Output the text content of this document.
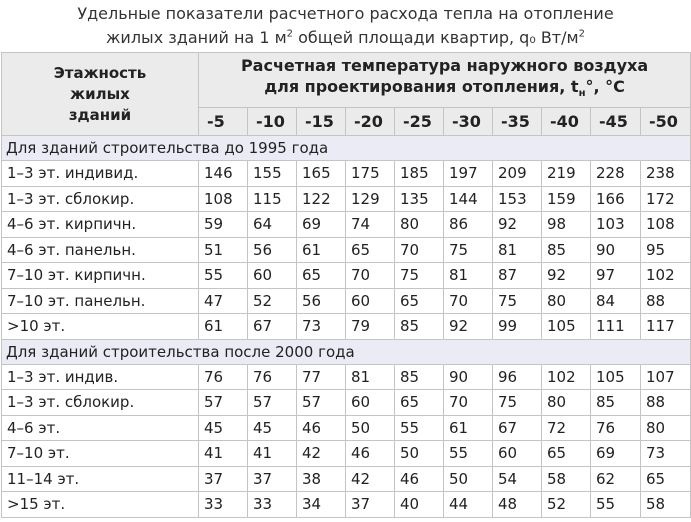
Удельные показатели расчетного расхода тепла на отопление
жилых зданий на 1 $м^2$ общей площади квартир, q₀ $Вт/м^2$
Этажность
жилых
зданий	Расчетная температура наружного воздуха
для проектирования отопления, $t_н^\circ$, °C									
	-5	-10	-15	-20	-25	-30	-35	-40	-45	-50
Для зданий строительства до 1995 года										
1–3 эт. индивид.	146	155	165	175	185	197	209	219	228	238
1–3 эт. сблокир.	108	115	122	129	135	144	153	159	166	172
4–6 эт. кирпичн.	59	64	69	74	80	86	92	98	103	108
4–6 эт. панельн.	51	56	61	65	70	75	81	85	90	95
7–10 эт. кирпичн.	55	60	65	70	75	81	87	92	97	102
7–10 эт. панельн.	47	52	56	60	65	70	75	80	84	88
>10 эт.	61	67	73	79	85	92	99	105	111	117
Для зданий строительства после 2000 года										
1–3 эт. индив.	76	76	77	81	85	90	96	102	105	107
1–3 эт. сблокир.	57	57	57	60	65	70	75	80	85	88
4–6 эт.	45	45	46	50	55	61	67	72	76	80
7–10 эт.	41	41	42	46	50	55	60	65	69	73
11–14 эт.	37	37	38	42	46	50	54	58	62	65
>15 эт.	33	33	34	37	40	44	48	52	55	58
